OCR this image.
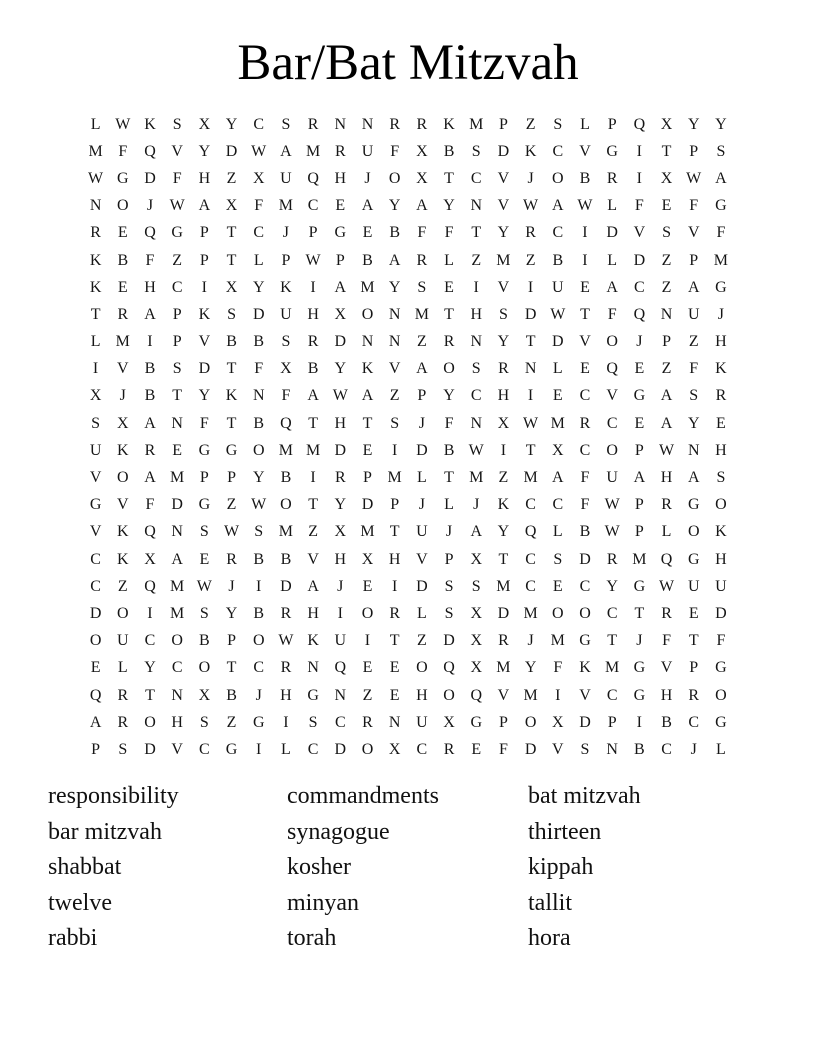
Bar/Bat Mitzvah
L W K	S	X Y	C	S	R	N N	R	R	K M P	Z	S	L	P	Q X Y Y
M F	Q V Y D W A M R	U	F	X	B	S	D K	C	V G	I	T	P	S
W G D	F	H	Z	X U Q H	J	O X	T	C	V	J	O	B	R	I	X W A
N O	J	W A X	F M C	E	A Y A Y N V W A W L	F	E	F	G
R	E	Q G	P	T	C	J	P	G	E	B	F	F	T	Y	R	C	I	D V	S	V	F
K	B	F	Z	P	T	L	P W P	B	A	R	L	Z M Z	B	I	L	D	Z	P M
K	E	H	C	I	X Y K	I	A M Y	S	E	I	V	I	U	E	A	C	Z	A G
T	R	A	P	K	S	D U H X O N M T	H	S	D W T	F	Q N U	J
L M	I	P	V	B	B	S	R	D N N	Z	R	N Y	T	D V O	J	P	Z	H
I	V	B	S	D	T	F	X	B	Y K V A O	S	R	N	L	E	Q	E	Z	F	K
X	J	B	T	Y K N	F	A W A	Z	P	Y	C	H	I	E	C	V G A	S	R
S	X A N	F	T	B	Q	T	H	T	S	J	F	N X W M R	C	E	A Y	E
U K	R	E	G G O M M D	E	I	D	B W	I	T	X	C	O	P W N H
V O A M P	P	Y	B	I	R	P M L	T M Z M A	F	U A H A	S
G V	F	D G	Z W O	T	Y D	P	J	L	J	K	C	C	F W P	R	G O
V K Q N	S W S M Z	X M T	U	J	A Y Q	L	B W P	L	O K
C	K X A	E	R	B	B	V H X H V	P	X	T	C	S	D	R M Q G H
C	Z	Q M W	J	I	D A	J	E	I	D	S	S M C	E	C	Y G W U U
D O	I	M S	Y	B	R	H	I	O	R	L	S	X D M O O	C	T	R	E	D
O U	C	O	B	P	O W K U	I	T	Z	D X	R	J	M G	T	J	F	T	F
E	L	Y	C	O	T	C	R	N Q	E	E	O Q X M Y	F	K M G V	P	G
Q	R	T	N X	B	J	H G N	Z	E	H O Q V M	I	V	C	G H	R	O
A	R	O H	S	Z	G	I	S	C	R	N U X G	P	O X D	P	I	B	C	G
P	S	D V	C	G	I	L	C	D O X	C	R	E	F	D V	S	N	B	C	J	L
responsibility
bar mitzvah
shabbat
twelve
rabbi
commandments
synagogue
kosher
minyan
torah
bat mitzvah
thirteen
kippah
tallit
hora
